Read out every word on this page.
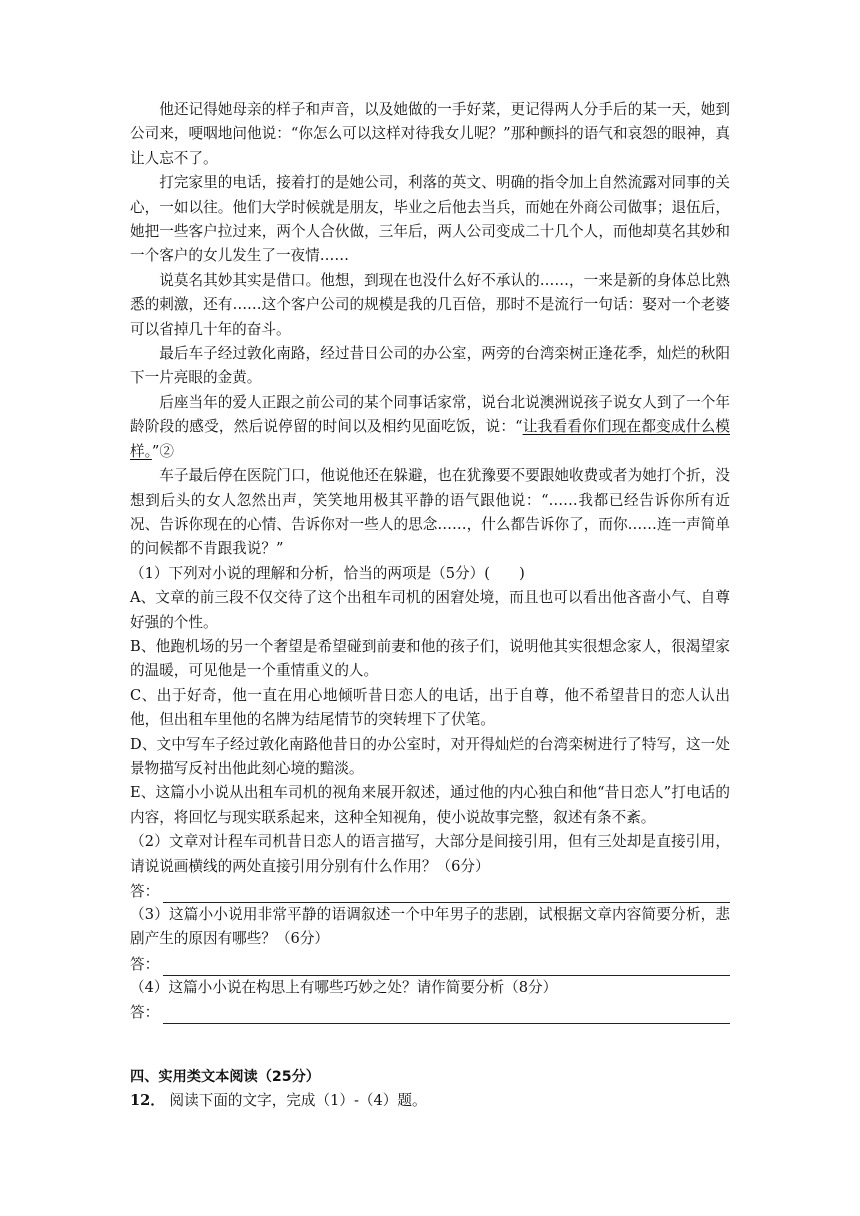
他还记得她母亲的样子和声音，以及她做的一手好菜，更记得两人分手后的某一天，她到公司来，哽咽地问他说：“你怎么可以这样对待我女儿呢？”那种颤抖的语气和哀怨的眼神，真让人忘不了。

打完家里的电话，接着打的是她公司，利落的英文、明确的指令加上自然流露对同事的关心，一如以往。他们大学时候就是朋友，毕业之后他去当兵，而她在外商公司做事；退伍后，她把一些客户拉过来，两个人合伙做，三年后，两人公司变成二十几个人，而他却莫名其妙和一个客户的女儿发生了一夜情……

说莫名其妙其实是借口。他想，到现在也没什么好不承认的……，一来是新的身体总比熟悉的刺激，还有……这个客户公司的规模是我的几百倍，那时不是流行一句话：娶对一个老婆可以省掉几十年的奋斗。

最后车子经过敦化南路，经过昔日公司的办公室，两旁的台湾栾树正逢花季，灿烂的秋阳下一片亮眼的金黄。

后座当年的爱人正跟之前公司的某个同事话家常，说台北说澳洲说孩子说女人到了一个年龄阶段的感受，然后说停留的时间以及相约见面吃饭，说：“让我看看你们现在都变成什么模样。”②

车子最后停在医院门口，他说他还在躲避，也在犹豫要不要跟她收费或者为她打个折，没想到后头的女人忽然出声，笑笑地用极其平静的语气跟他说：“……我都已经告诉你所有近况、告诉你现在的心情、告诉你对一些人的思念……，什么都告诉你了，而你……连一声简单的问候都不肯跟我说？”

（1）下列对小说的理解和分析，恰当的两项是（5分）(　　)

A、文章的前三段不仅交待了这个出租车司机的困窘处境，而且也可以看出他吝啬小气、自尊好强的个性。

B、他跑机场的另一个奢望是希望碰到前妻和他的孩子们，说明他其实很想念家人，很渴望家的温暖，可见他是一个重情重义的人。

C、出于好奇，他一直在用心地倾听昔日恋人的电话，出于自尊，他不希望昔日的恋人认出他，但出租车里他的名牌为结尾情节的突转埋下了伏笔。

D、文中写车子经过敦化南路他昔日的办公室时，对开得灿烂的台湾栾树进行了特写，这一处景物描写反衬出他此刻心境的黯淡。

E、这篇小小说从出租车司机的视角来展开叙述，通过他的内心独白和他“昔日恋人”打电话的内容，将回忆与现实联系起来，这种全知视角，使小说故事完整，叙述有条不紊。

（2）文章对计程车司机昔日恋人的语言描写，大部分是间接引用，但有三处却是直接引用，请说说画横线的两处直接引用分别有什么作用？（6分）

答：

（3）这篇小小说用非常平静的语调叙述一个中年男子的悲剧，试根据文章内容简要分析，悲剧产生的原因有哪些？（6分）

答：

（4）这篇小小说在构思上有哪些巧妙之处？请作简要分析（8分）

答：

四、实用类文本阅读（25分）

12． 阅读下面的文字，完成（1）-（4）题。
